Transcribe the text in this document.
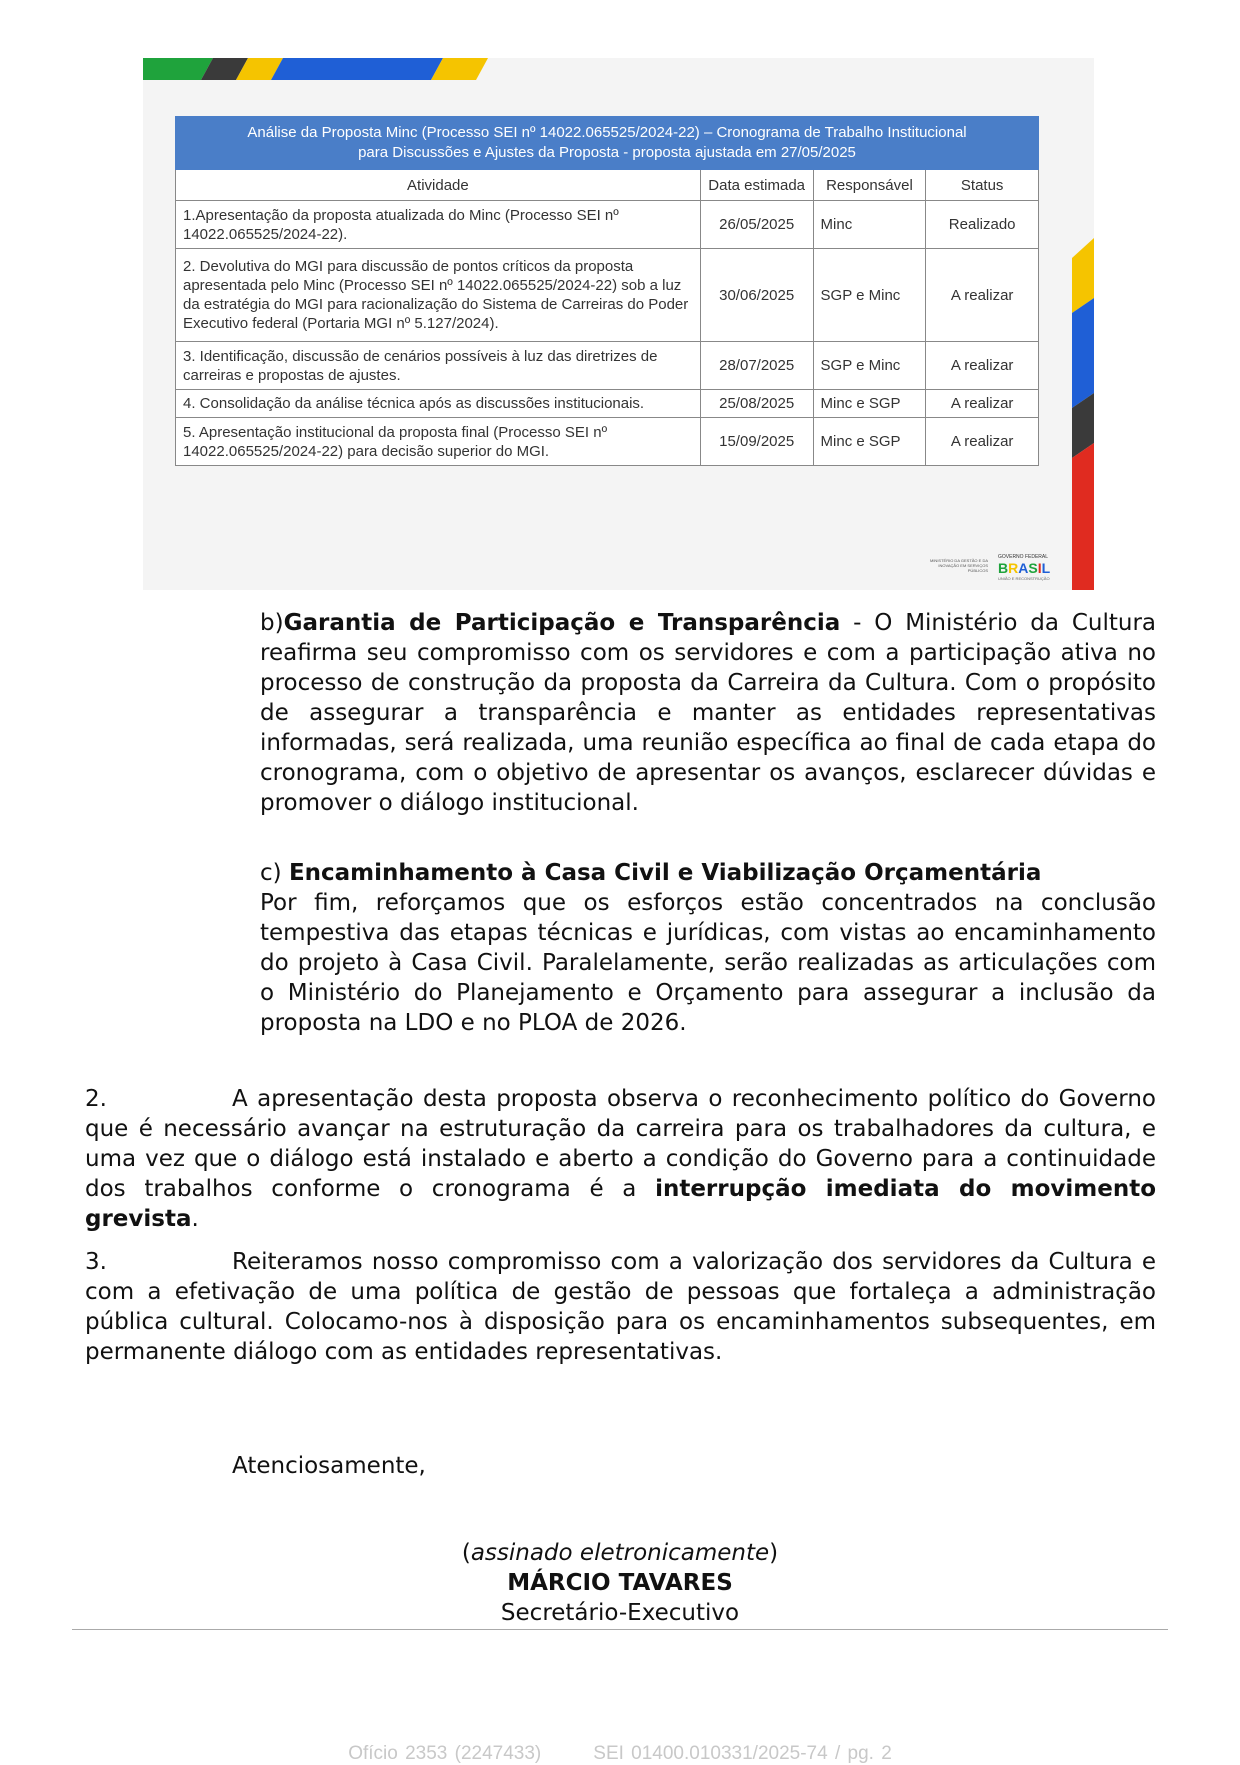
Análise da Proposta Minc (Processo SEI nº 14022.065525/2024-22) – Cronograma de Trabalho Institucional
para Discussões e Ajustes da Proposta - proposta ajustada em 27/05/2025			

Atividade	Data estimada	Responsável	Status
1.Apresentação da proposta atualizada do Minc (Processo SEI nº 14022.065525/2024-22).	26/05/2025	Minc	Realizado
2. Devolutiva do MGI para discussão de pontos críticos da proposta apresentada pelo Minc (Processo SEI nº 14022.065525/2024-22) sob a luz da estratégia do MGI para racionalização do Sistema de Carreiras do Poder Executivo federal (Portaria MGI nº 5.127/2024).	30/06/2025	SGP e Minc	A realizar
3. Identificação, discussão de cenários possíveis à luz das diretrizes de carreiras e propostas de ajustes.	28/07/2025	SGP e Minc	A realizar
4. Consolidação da análise técnica após as discussões institucionais.	25/08/2025	Minc e SGP	A realizar
5. Apresentação institucional da proposta final (Processo SEI nº 14022.065525/2024-22) para decisão superior do MGI.	15/09/2025	Minc e SGP	A realizar
MINISTÉRIO DA GESTÃO E DA INOVAÇÃO EM SERVIÇOS PÚBLICOS
GOVERNO FEDERAL
BRASIL
UNIÃO E RECONSTRUÇÃO
b)Garantia de Participação e Transparência - O Ministério da Cultura reafirma seu compromisso com os servidores e com a participação ativa no processo de construção da proposta da Carreira da Cultura. Com o propósito de assegurar a transparência e manter as entidades representativas informadas, será realizada, uma reunião específica ao final de cada etapa do cronograma, com o objetivo de apresentar os avanços, esclarecer dúvidas e promover o diálogo institucional.
c) Encaminhamento à Casa Civil e Viabilização Orçamentária
Por fim, reforçamos que os esforços estão concentrados na conclusão tempestiva das etapas técnicas e jurídicas, com vistas ao encaminhamento do projeto à Casa Civil. Paralelamente, serão realizadas as articulações com o Ministério do Planejamento e Orçamento para assegurar a inclusão da proposta na LDO e no PLOA de 2026.
2.	A apresentação desta proposta observa o reconhecimento político do Governo que é necessário avançar na estruturação da carreira para os trabalhadores da cultura, e uma vez que o diálogo está instalado e aberto a condição do Governo para a continuidade dos trabalhos conforme o cronograma é a interrupção imediata do movimento grevista.
3.	Reiteramos nosso compromisso com a valorização dos servidores da Cultura e com a efetivação de uma política de gestão de pessoas que fortaleça a administração pública cultural. Colocamo-nos à disposição para os encaminhamentos subsequentes, em permanente diálogo com as entidades representativas.
Atenciosamente,
(assinado eletronicamente)
MÁRCIO TAVARES
Secretário-Executivo
Ofício 2353 (2247433)	SEI 01400.010331/2025-74 / pg. 2
